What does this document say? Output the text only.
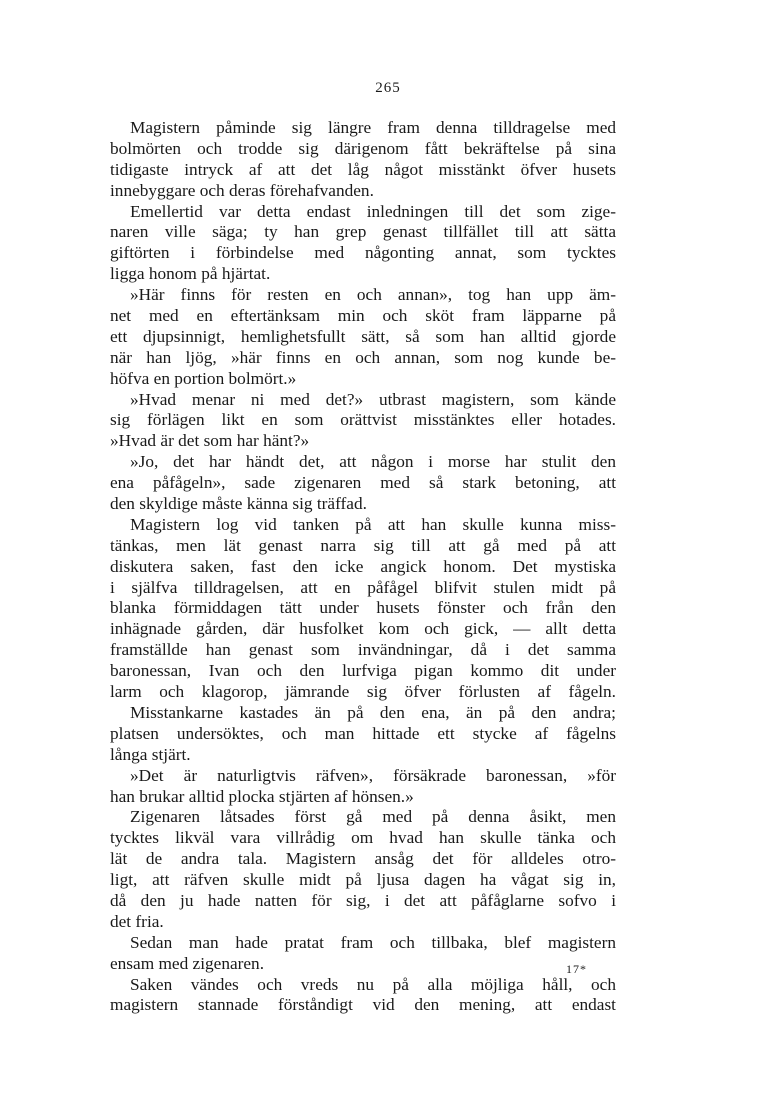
265
Magistern påminde sig längre fram denna tilldragelse med
bolmörten och trodde sig därigenom fått bekräftelse på sina
tidigaste intryck af att det låg något misstänkt öfver husets
innebyggare och deras förehafvanden.
Emellertid var detta endast inledningen till det som zige-
naren ville säga; ty han grep genast tillfället till att sätta
giftörten i förbindelse med någonting annat, som tycktes
ligga honom på hjärtat.
»Här finns för resten en och annan», tog han upp äm-
net med en eftertänksam min och sköt fram läpparne på
ett djupsinnigt, hemlighetsfullt sätt, så som han alltid gjorde
när han ljög, »här finns en och annan, som nog kunde be-
höfva en portion bolmört.»
»Hvad menar ni med det?» utbrast magistern, som kände
sig förlägen likt en som orättvist misstänktes eller hotades.
»Hvad är det som har hänt?»
»Jo, det har händt det, att någon i morse har stulit den
ena påfågeln», sade zigenaren med så stark betoning, att
den skyldige måste känna sig träffad.
Magistern log vid tanken på att han skulle kunna miss-
tänkas, men lät genast narra sig till att gå med på att
diskutera saken, fast den icke angick honom. Det mystiska
i själfva tilldragelsen, att en påfågel blifvit stulen midt på
blanka förmiddagen tätt under husets fönster och från den
inhägnade gården, där husfolket kom och gick, — allt detta
framställde han genast som invändningar, då i det samma
baronessan, Ivan och den lurfviga pigan kommo dit under
larm och klagorop, jämrande sig öfver förlusten af fågeln.
Misstankarne kastades än på den ena, än på den andra;
platsen undersöktes, och man hittade ett stycke af fågelns
långa stjärt.
»Det är naturligtvis räfven», försäkrade baronessan, »för
han brukar alltid plocka stjärten af hönsen.»
Zigenaren låtsades först gå med på denna åsikt, men
tycktes likväl vara villrådig om hvad han skulle tänka och
lät de andra tala. Magistern ansåg det för alldeles otro-
ligt, att räfven skulle midt på ljusa dagen ha vågat sig in,
då den ju hade natten för sig, i det att påfåglarne sofvo i
det fria.
Sedan man hade pratat fram och tillbaka, blef magistern
ensam med zigenaren.
Saken vändes och vreds nu på alla möjliga håll, och
magistern stannade förståndigt vid den mening, att endast
17*
